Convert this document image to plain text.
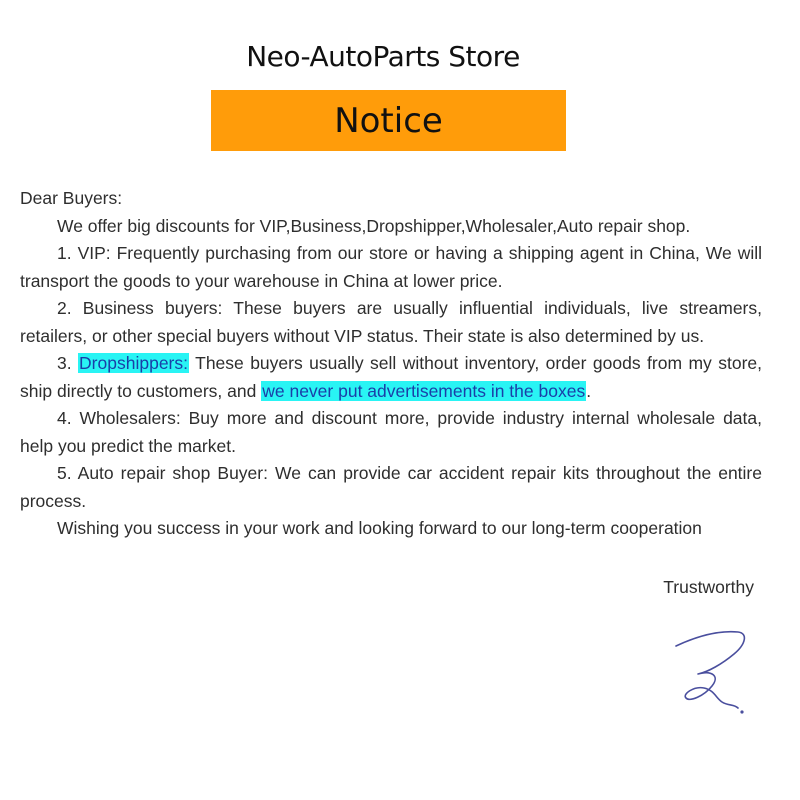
Neo-AutoParts Store
Notice

Dear Buyers:

We offer big discounts for VIP,Business,Dropshipper,Wholesaler,Auto repair shop.

1. VIP: Frequently purchasing from our store or having a shipping agent in China, We will transport the goods to your warehouse in China at lower price.

2. Business buyers: These buyers are usually influential individuals, live streamers, retailers, or other special buyers without VIP status. Their state is also determined by us.

3. Dropshippers: These buyers usually sell without inventory, order goods from my store, ship directly to customers, and we never put advertisements in the boxes.

4. Wholesalers: Buy more and discount more, provide industry internal wholesale data, help you predict the market.

5. Auto repair shop Buyer: We can provide car accident repair kits throughout the entire process.

Wishing you success in your work and looking forward to our long-term cooperation

Trustworthy
